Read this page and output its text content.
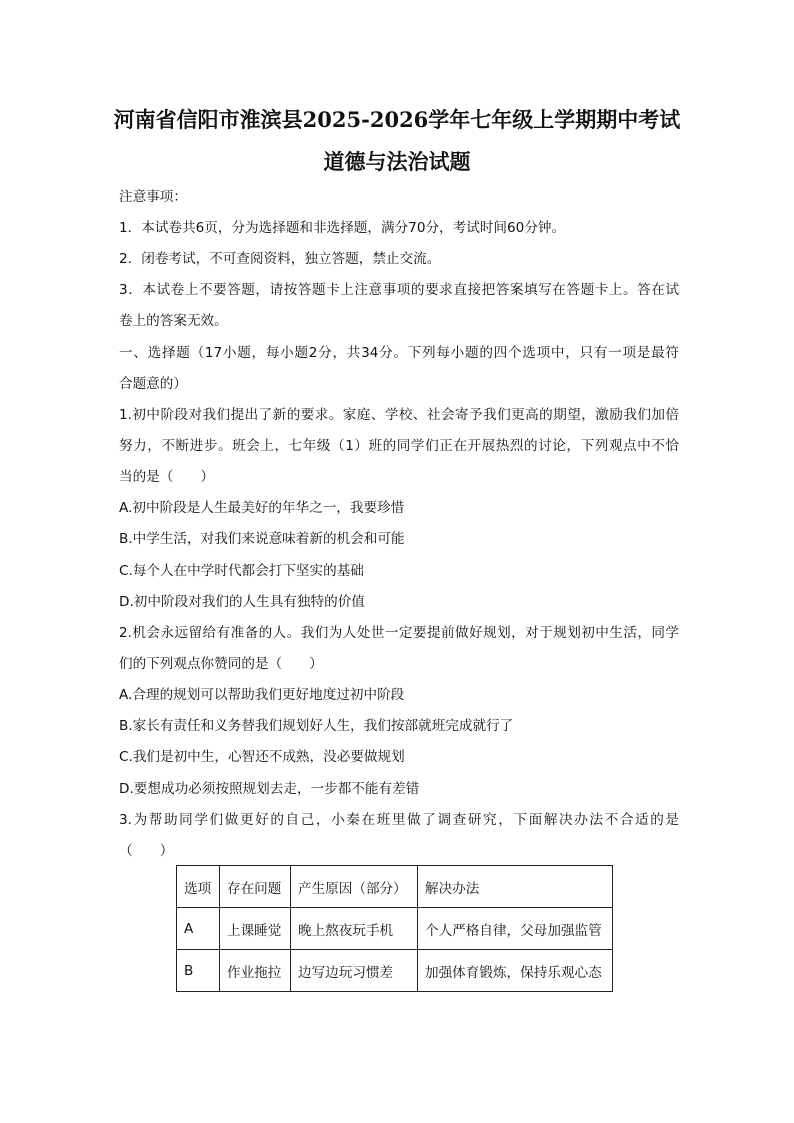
河南省信阳市淮滨县2025-2026学年七年级上学期期中考试
道德与法治试题
注意事项：
1．本试卷共6页，分为选择题和非选择题，满分70分，考试时间60分钟。
2．闭卷考试，不可查阅资料，独立答题，禁止交流。
3．本试卷上不要答题，请按答题卡上注意事项的要求直接把答案填写在答题卡上。答在试
卷上的答案无效。
一、选择题（17小题，每小题2分，共34分。下列每小题的四个选项中，只有一项是最符
合题意的）
1.初中阶段对我们提出了新的要求。家庭、学校、社会寄予我们更高的期望，激励我们加倍
努力，不断进步。班会上，七年级（1）班的同学们正在开展热烈的讨论，下列观点中不恰
当的是（　　）
A.初中阶段是人生最美好的年华之一，我要珍惜
B.中学生活，对我们来说意味着新的机会和可能
C.每个人在中学时代都会打下坚实的基础
D.初中阶段对我们的人生具有独特的价值
2.机会永远留给有准备的人。我们为人处世一定要提前做好规划，对于规划初中生活，同学
们的下列观点你赞同的是（　　）
A.合理的规划可以帮助我们更好地度过初中阶段
B.家长有责任和义务替我们规划好人生，我们按部就班完成就行了
C.我们是初中生，心智还不成熟，没必要做规划
D.要想成功必须按照规划去走，一步都不能有差错
3.为帮助同学们做更好的自己，小秦在班里做了调查研究，下面解决办法不合适的是
（　　）
选项	存在问题	产生原因（部分）	解决办法
A	上课睡觉	晚上熬夜玩手机	个人严格自律，父母加强监管
B	作业拖拉	边写边玩习惯差	加强体育锻炼，保持乐观心态
